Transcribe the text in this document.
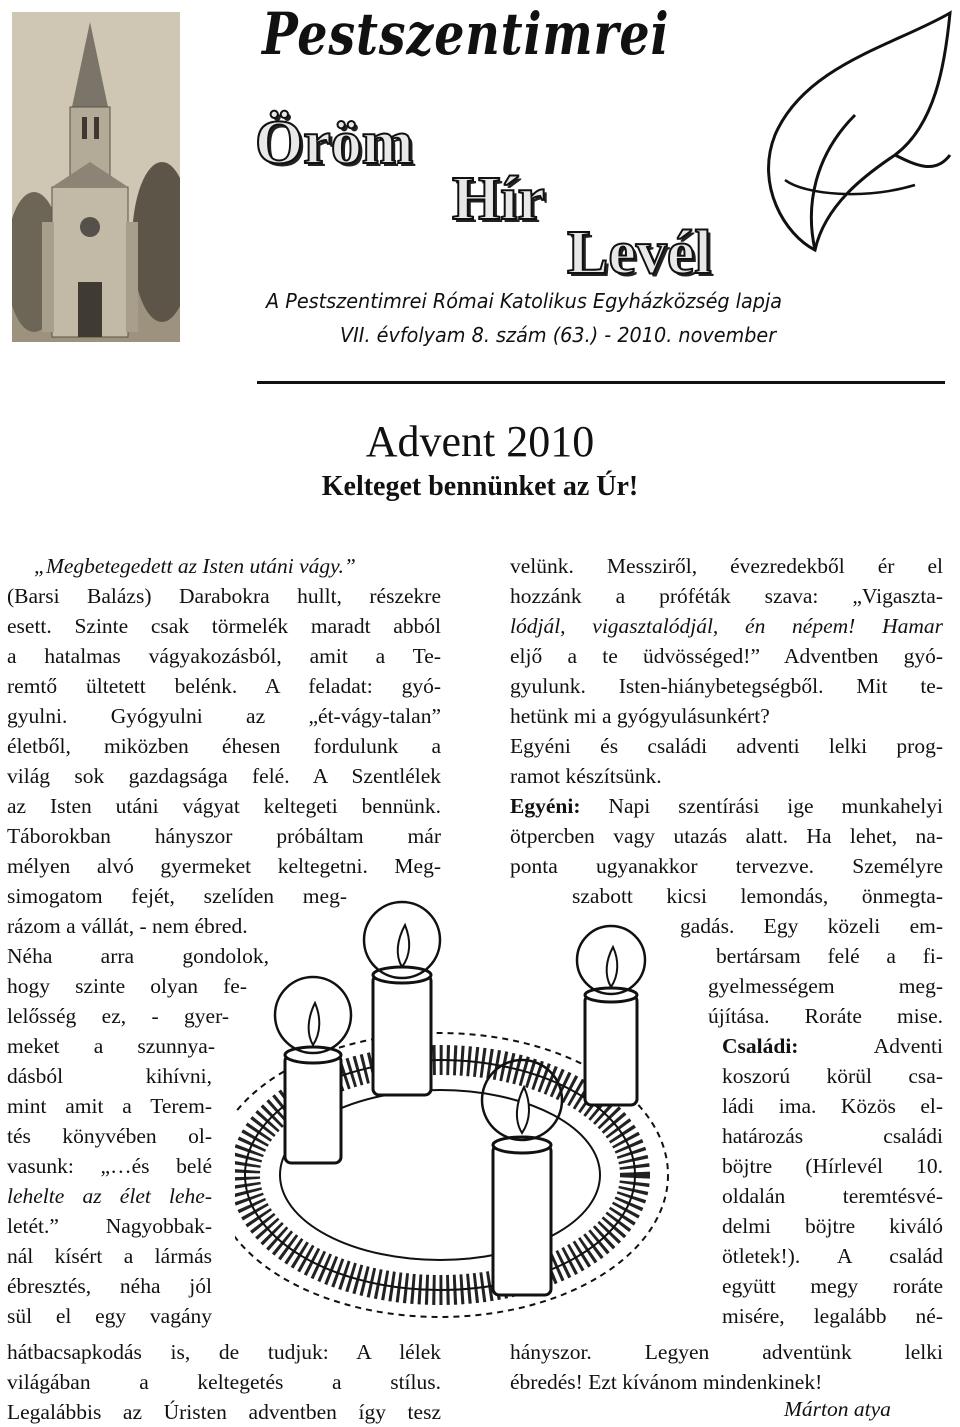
Pestszentimrei
Öröm
Hír
Levél
A Pestszentimrei Római Katolikus Egyházközség lapja
VII. évfolyam 8. szám (63.) - 2010. november
Advent 2010
Kelteget bennünket az Úr!
„Megbetegedett az Isten utáni vágy.”
(Barsi Balázs) Darabokra hullt, részekre
esett. Szinte csak törmelék maradt abból
a hatalmas vágyakozásból, amit a Te-
remtő ültetett belénk. A feladat: gyó-
gyulni. Gyógyulni az „ét-vágy-talan”
életből, miközben éhesen fordulunk a
világ sok gazdagsága felé. A Szentlélek
az Isten utáni vágyat keltegeti bennünk.
Táborokban hányszor próbáltam már
mélyen alvó gyermeket keltegetni. Meg-
simogatom fejét, szelíden meg-
rázom a vállát, - nem ébred.
Néha arra gondolok,
hogy szinte olyan fe-
lelősség ez, - gyer-
meket a szunnya-
dásból kihívni,
mint amit a Terem-
tés könyvében ol-
vasunk: „…és belé
lehelte az élet lehe-
letét.” Nagyobbak-
nál kísért a lármás
ébresztés, néha jól
sül el egy vagány
hátbacsapkodás is, de tudjuk: A lélek
világában a keltegetés a stílus.
Legalábbis az Úristen adventben így tesz
velünk. Messziről, évezredekből ér el
hozzánk a próféták szava: „Vigaszta-
lódjál, vigasztalódjál, én népem! Hamar
eljő a te üdvösséged!” Adventben gyó-
gyulunk. Isten-hiánybetegségből. Mit te-
hetünk mi a gyógyulásunkért?
Egyéni és családi adventi lelki prog-
ramot készítsünk.
Egyéni: Napi szentírási ige munkahelyi
ötpercben vagy utazás alatt. Ha lehet, na-
ponta ugyanakkor tervezve. Személyre
szabott kicsi lemondás, önmegta-
gadás. Egy közeli em-
bertársam felé a fi-
gyelmességem meg-
újítása. Roráte mise.
Családi: Adventi
koszorú körül csa-
ládi ima. Közös el-
határozás családi
böjtre (Hírlevél 10.
oldalán teremtésvé-
delmi böjtre kiváló
ötletek!). A család
együtt megy roráte
misére, legalább né-
hányszor. Legyen adventünk lelki
ébredés! Ezt kívánom mindenkinek!
Márton atya
